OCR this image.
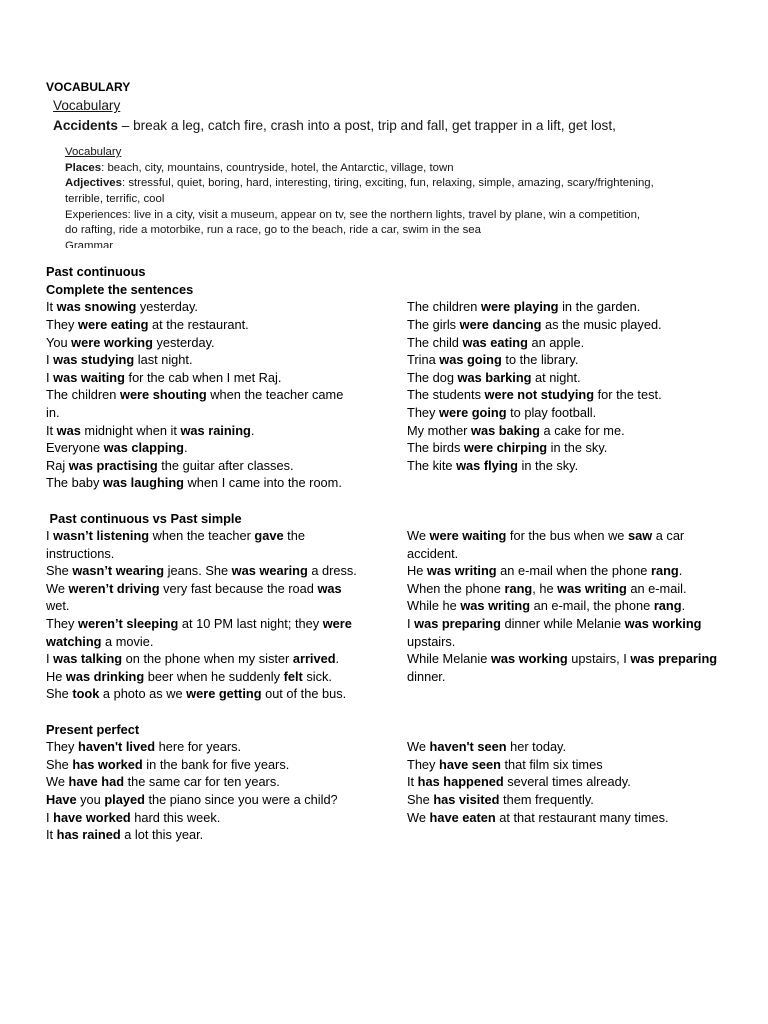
VOCABULARY
Vocabulary
Accidents – break a leg, catch fire, crash into a post, trip and fall, get trapper in a lift, get lost,
Vocabulary
Places: beach, city, mountains, countryside, hotel, the Antarctic, village, town
Adjectives: stressful, quiet, boring, hard, interesting, tiring, exciting, fun, relaxing, simple, amazing, scary/frightening,
terrible, terrific, cool
Experiences: live in a city, visit a museum, appear on tv, see the northern lights, travel by plane, win a competition,
do rafting, ride a motorbike, run a race, go to the beach, ride a car, swim in the sea
Grammar
Past continuous
Complete the sentences
It was snowing yesterday.
They were eating at the restaurant.
You were working yesterday.
I was studying last night.
I was waiting for the cab when I met Raj.
The children were shouting when the teacher came
in.
It was midnight when it was raining.
Everyone was clapping.
Raj was practising the guitar after classes.
The baby was laughing when I came into the room.
The children were playing in the garden.
The girls were dancing as the music played.
The child was eating an apple.
Trina was going to the library.
The dog was barking at night.
The students were not studying for the test.
They were going to play football.
My mother was baking a cake for me.
The birds were chirping in the sky.
The kite was flying in the sky.
Past continuous vs Past simple
I wasn’t listening when the teacher gave the
instructions.
She wasn’t wearing jeans. She was wearing a dress.
We weren’t driving very fast because the road was
wet.
They weren’t sleeping at 10 PM last night; they were
watching a movie.
I was talking on the phone when my sister arrived.
He was drinking beer when he suddenly felt sick.
She took a photo as we were getting out of the bus.
We were waiting for the bus when we saw a car
accident.
He was writing an e-mail when the phone rang.
When the phone rang, he was writing an e-mail.
While he was writing an e-mail, the phone rang.
I was preparing dinner while Melanie was working
upstairs.
While Melanie was working upstairs, I was preparing
dinner.
Present perfect
They haven't lived here for years.
She has worked in the bank for five years.
We have had the same car for ten years.
Have you played the piano since you were a child?
I have worked hard this week.
It has rained a lot this year.
We haven't seen her today.
They have seen that film six times
It has happened several times already.
She has visited them frequently.
We have eaten at that restaurant many times.
